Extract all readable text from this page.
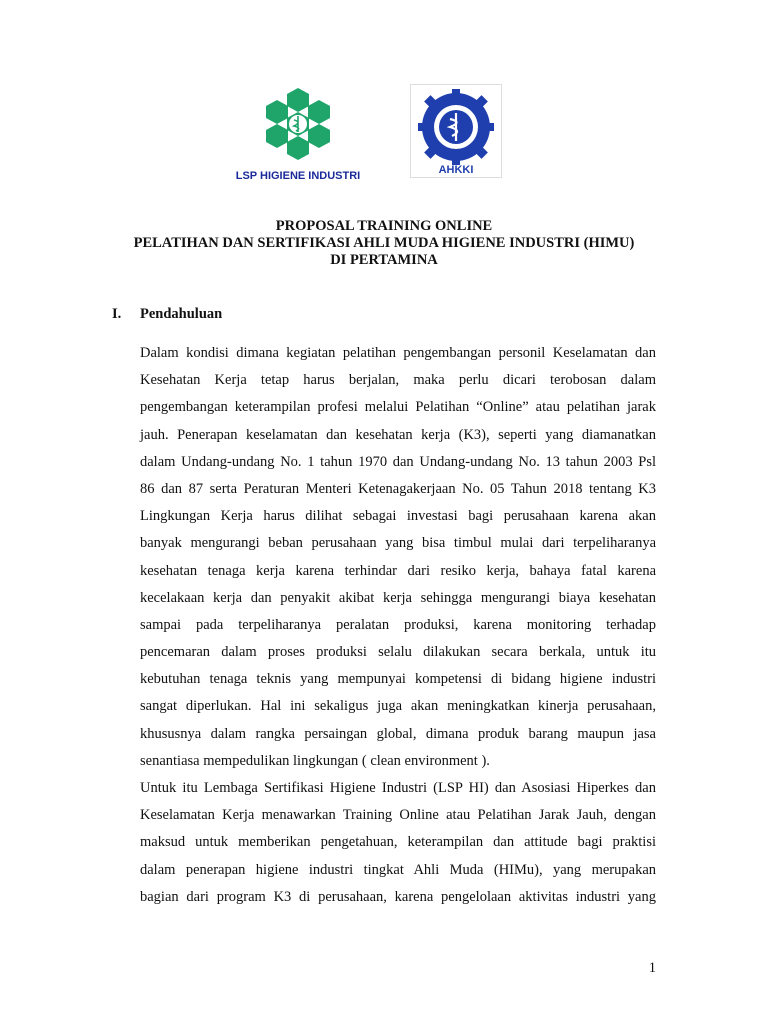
LSP HIGIENE INDUSTRI	AHKKI
PROPOSAL TRAINING ONLINE
PELATIHAN DAN SERTIFIKASI AHLI MUDA HIGIENE INDUSTRI (HIMU)
DI PERTAMINA
I. Pendahuluan
Dalam kondisi dimana kegiatan pelatihan pengembangan personil Keselamatan dan
Kesehatan Kerja tetap harus berjalan, maka perlu dicari terobosan dalam
pengembangan keterampilan profesi melalui Pelatihan “Online” atau pelatihan jarak
jauh. Penerapan keselamatan dan kesehatan kerja (K3), seperti yang diamanatkan
dalam Undang-undang No. 1 tahun 1970 dan Undang-undang No. 13 tahun 2003 Psl
86 dan 87 serta Peraturan Menteri Ketenagakerjaan No. 05 Tahun 2018 tentang K3
Lingkungan Kerja harus dilihat sebagai investasi bagi perusahaan karena akan
banyak mengurangi beban perusahaan yang bisa timbul mulai dari terpeliharanya
kesehatan tenaga kerja karena terhindar dari resiko kerja, bahaya fatal karena
kecelakaan kerja dan penyakit akibat kerja sehingga mengurangi biaya kesehatan
sampai pada terpeliharanya peralatan produksi, karena monitoring terhadap
pencemaran dalam proses produksi selalu dilakukan secara berkala, untuk itu
kebutuhan tenaga teknis yang mempunyai kompetensi di bidang higiene industri
sangat diperlukan. Hal ini sekaligus juga akan meningkatkan kinerja perusahaan,
khususnya dalam rangka persaingan global, dimana produk barang maupun jasa
senantiasa mempedulikan lingkungan ( clean environment ).
Untuk itu Lembaga Sertifikasi Higiene Industri (LSP HI) dan Asosiasi Hiperkes dan
Keselamatan Kerja menawarkan Training Online atau Pelatihan Jarak Jauh, dengan
maksud untuk memberikan pengetahuan, keterampilan dan attitude bagi praktisi
dalam penerapan higiene industri tingkat Ahli Muda (HIMu), yang merupakan
bagian dari program K3 di perusahaan, karena pengelolaan aktivitas industri yang
1
